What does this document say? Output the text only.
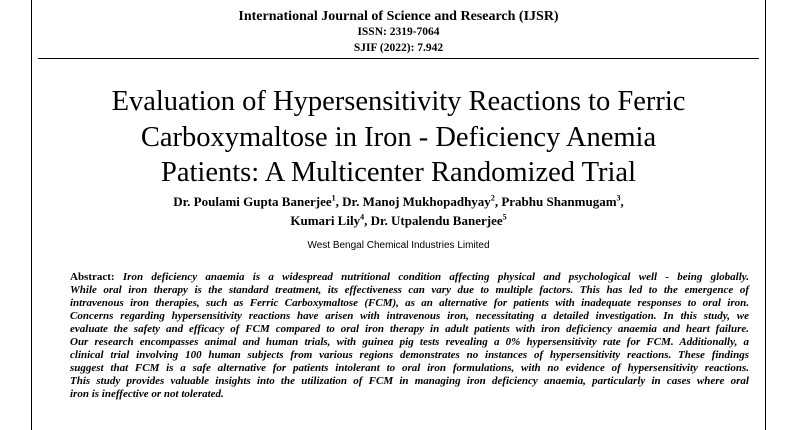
International Journal of Science and Research (IJSR)
ISSN: 2319-7064
SJIF (2022): 7.942
Evaluation of Hypersensitivity Reactions to Ferric
Carboxymaltose in Iron - Deficiency Anemia
Patients: A Multicenter Randomized Trial
Dr. Poulami Gupta Banerjee$^1$, Dr. Manoj Mukhopadhyay$^2$, Prabhu Shanmugam$^3$,
Kumari Lily$^4$, Dr. Utpalendu Banerjee$^5$
West Bengal Chemical Industries Limited
Abstract: Iron deficiency anaemia is a widespread nutritional condition affecting physical and psychological well - being globally.
While oral iron therapy is the standard treatment, its effectiveness can vary due to multiple factors. This has led to the emergence of
intravenous iron therapies, such as Ferric Carboxymaltose (FCM), as an alternative for patients with inadequate responses to oral iron.
Concerns regarding hypersensitivity reactions have arisen with intravenous iron, necessitating a detailed investigation. In this study, we
evaluate the safety and efficacy of FCM compared to oral iron therapy in adult patients with iron deficiency anaemia and heart failure.
Our research encompasses animal and human trials, with guinea pig tests revealing a 0% hypersensitivity rate for FCM. Additionally, a
clinical trial involving 100 human subjects from various regions demonstrates no instances of hypersensitivity reactions. These findings
suggest that FCM is a safe alternative for patients intolerant to oral iron formulations, with no evidence of hypersensitivity reactions.
This study provides valuable insights into the utilization of FCM in managing iron deficiency anaemia, particularly in cases where oral
iron is ineffective or not tolerated.
